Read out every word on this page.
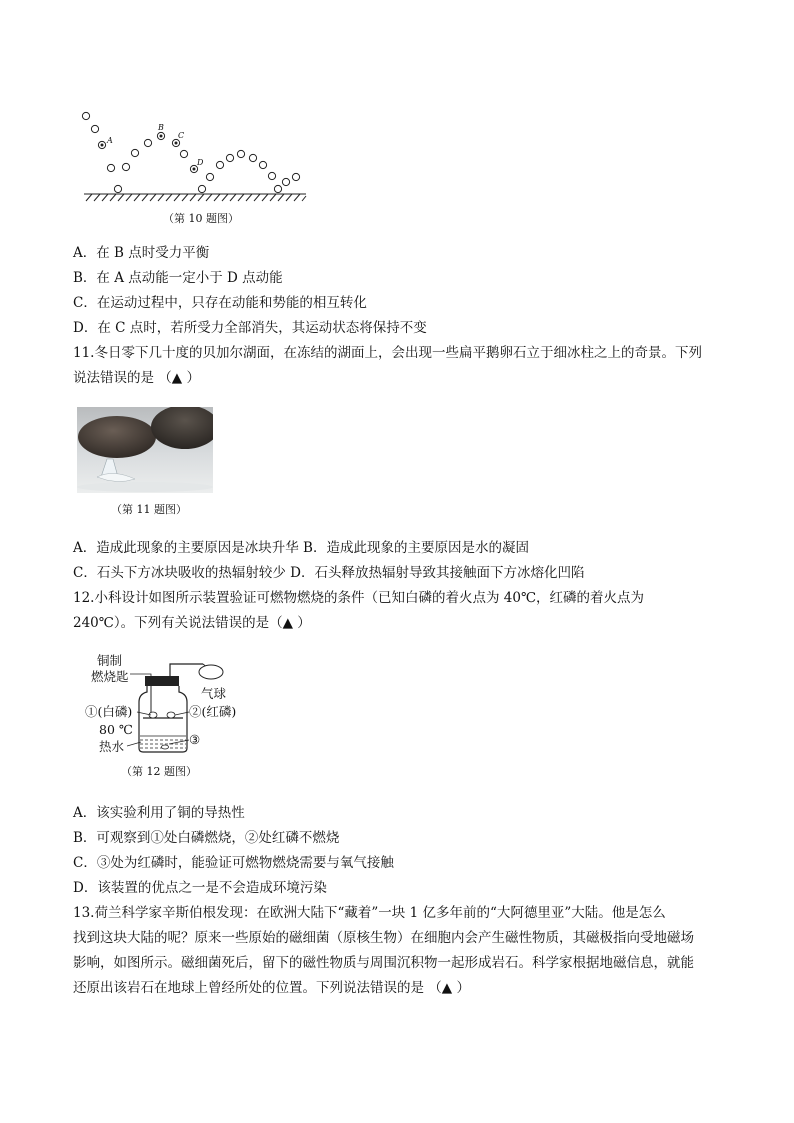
A
B
C
D
（第 10 题图）
A．在 B 点时受力平衡
B．在 A 点动能一定小于 D 点动能
C．在运动过程中，只存在动能和势能的相互转化
D．在 C 点时，若所受力全部消失，其运动状态将保持不变
11.冬日零下几十度的贝加尔湖面，在冻结的湖面上，会出现一些扁平鹅卵石立于细冰柱之上的奇景。下列
说法错误的是 （▲ ）
（第 11 题图）
A．造成此现象的主要原因是冰块升华 B．造成此现象的主要原因是水的凝固
C．石头下方冰块吸收的热辐射较少 D．石头释放热辐射导致其接触面下方冰熔化凹陷
12.小科设计如图所示装置验证可燃物燃烧的条件（已知白磷的着火点为 40℃，红磷的着火点为
240℃）。下列有关说法错误的是（▲ ）
铜制
燃烧匙
气球
①(白磷)	②(红磷)
80 ℃
热水	③
（第 12 题图）
A．该实验利用了铜的导热性
B．可观察到①处白磷燃烧，②处红磷不燃烧
C．③处为红磷时，能验证可燃物燃烧需要与氧气接触
D．该装置的优点之一是不会造成环境污染
13.荷兰科学家辛斯伯根发现：在欧洲大陆下“藏着”一块 1 亿多年前的“大阿德里亚”大陆。他是怎么
找到这块大陆的呢？原来一些原始的磁细菌（原核生物）在细胞内会产生磁性物质，其磁极指向受地磁场
影响，如图所示。磁细菌死后，留下的磁性物质与周围沉积物一起形成岩石。科学家根据地磁信息，就能
还原出该岩石在地球上曾经所处的位置。下列说法错误的是 （▲ ）
